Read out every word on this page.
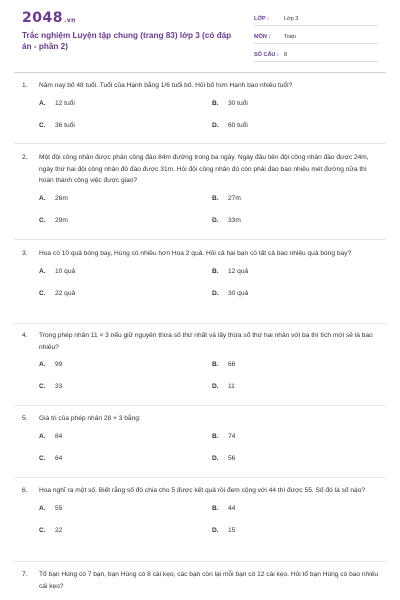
2048.vn
Trắc nghiệm Luyện tập chung (trang 83) lớp 3 (có đáp án - phần 2)
LỚP :	Lớp 3
MÔN :	Toán
SỐ CÂU : 8
1. Năm nay bố 48 tuổi. Tuổi của Hạnh bằng 1/6 tuổi bố. Hỏi bố hơn Hạnh bao nhiêu tuổi?
A. 12 tuổi	B. 30 tuổi
C. 36 tuổi	D. 60 tuổi
2. Một đội công nhân được phân công đào 84m đường trong ba ngày. Ngày đầu tiên đội công nhân đào được 24m, ngày thứ hai đội công nhân đó đào được 31m. Hỏi đội công nhân đó còn phải đào bao nhiêu mét đường nữa thì hoàn thành công việc được giao?
A. 26m	B. 27m
C. 29m	D. 33m
3. Hoa có 10 quả bóng bay, Hùng có nhiều hơn Hoa 2 quả. Hỏi cả hai bạn có tất cả bao nhiêu quả bóng bay?
A. 10 quả	B. 12 quả
C. 22 quả	D. 30 quả
4. Trong phép nhân 11 × 3 nếu giữ nguyên thừa số thứ nhất và lấy thừa số thứ hai nhân với ba thì tích mới sẽ là bao nhiêu?
A. 99	B. 66
C. 33	D. 11
5. Giá trị của phép nhân 28 × 3 bằng:
A. 84	B. 74
C. 64	D. 56
6. Hoa nghĩ ra một số. Biết rằng số đó chia cho 5 được kết quả rồi đem cộng với 44 thì được 55. Số đó là số nào?
A. 55	B. 44
C. 22	D. 15
7. Tổ bạn Hùng có 7 bạn, bạn Hùng có 8 cái kẹo, các bạn còn lại mỗi bạn có 12 cái kẹo. Hỏi tổ bạn Hùng có bao nhiêu cái kẹo?
